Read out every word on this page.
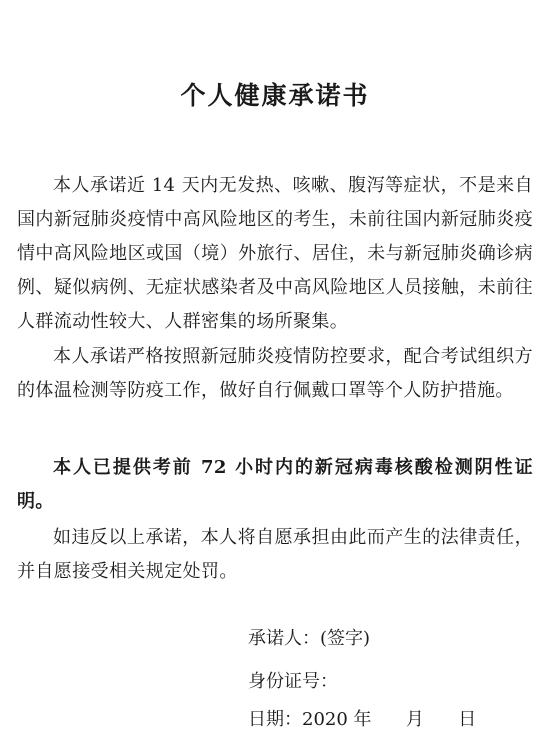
个人健康承诺书

本人承诺近 14 天内无发热、咳嗽、腹泻等症状，不是来自国内新冠肺炎疫情中高风险地区的考生，未前往国内新冠肺炎疫情中高风险地区或国（境）外旅行、居住，未与新冠肺炎确诊病例、疑似病例、无症状感染者及中高风险地区人员接触，未前往人群流动性较大、人群密集的场所聚集。

本人承诺严格按照新冠肺炎疫情防控要求，配合考试组织方的体温检测等防疫工作，做好自行佩戴口罩等个人防护措施。

本人已提供考前 72 小时内的新冠病毒核酸检测阴性证明。

如违反以上承诺，本人将自愿承担由此而产生的法律责任，并自愿接受相关规定处罚。

承诺人：(签字)
身份证号：
日期：2020 年      月      日
